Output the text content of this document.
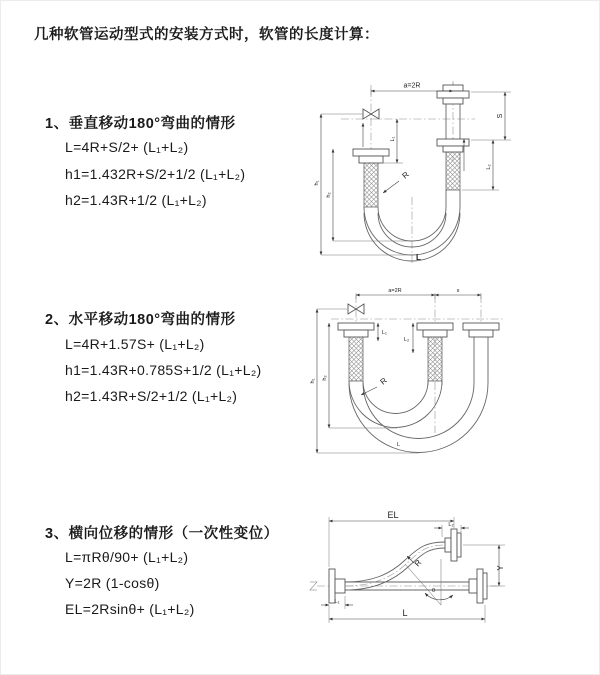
几种软管运动型式的安装方式时，软管的长度计算：
1、垂直移动180°弯曲的情形
L=4R+S/2+ (L₁+L₂)
h1=1.432R+S/2+1/2 (L₁+L₂)
h2=1.43R+1/2 (L₁+L₂)
2、水平移动180°弯曲的情形
L=4R+1.57S+ (L₁+L₂)
h1=1.43R+0.785S+1/2 (L₁+L₂)
h2=1.43R+S/2+1/2 (L₁+L₂)
3、横向位移的情形（一次性变位）
L=πRθ/90+ (L₁+L₂)
Y=2R (1-cosθ)
EL=2Rsinθ+ (L₁+L₂)
a=2R
S
L₂
L₁
h₁
h₂
R
L
a=2R	s
h₁
h₂
L₁
L₂
R
L
θ
EL
L₂
Y
L
L₁
R
